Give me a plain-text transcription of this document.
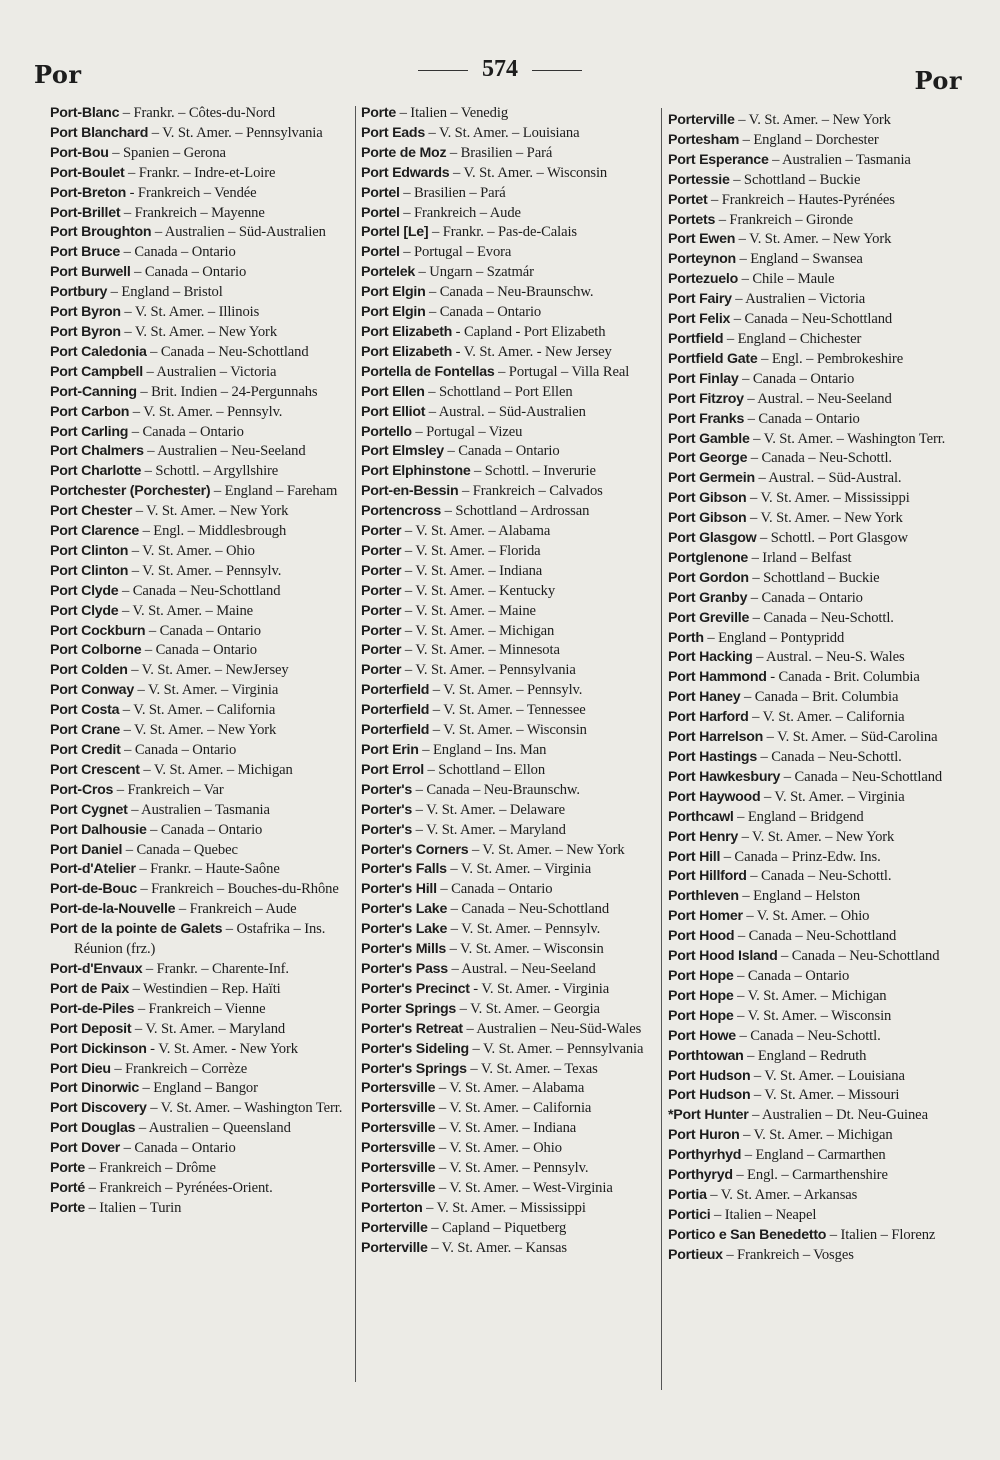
Por	574	Por
Port-Blanc – Frankr. – Côtes-du-Nord
Port Blanchard – V. St. Amer. – Pennsylvania
Port-Bou – Spanien – Gerona
Port-Boulet – Frankr. – Indre-et-Loire
Port-Breton - Frankreich – Vendée
Port-Brillet – Frankreich – Mayenne
Port Broughton – Australien – Süd-Australien
Port Bruce – Canada – Ontario
Port Burwell – Canada – Ontario
Portbury – England – Bristol
Port Byron – V. St. Amer. – Illinois
Port Byron – V. St. Amer. – New York
Port Caledonia – Canada – Neu-Schottland
Port Campbell – Australien – Victoria
Port-Canning – Brit. Indien – 24-Pergunnahs
Port Carbon – V. St. Amer. – Pennsylv.
Port Carling – Canada – Ontario
Port Chalmers – Australien – Neu-Seeland
Port Charlotte – Schottl. – Argyllshire
Portchester (Porchester) – England – Fareham
Port Chester – V. St. Amer. – New York
Port Clarence – Engl. – Middlesbrough
Port Clinton – V. St. Amer. – Ohio
Port Clinton – V. St. Amer. – Pennsylv.
Port Clyde – Canada – Neu-Schottland
Port Clyde – V. St. Amer. – Maine
Port Cockburn – Canada – Ontario
Port Colborne – Canada – Ontario
Port Colden – V. St. Amer. – NewJersey
Port Conway – V. St. Amer. – Virginia
Port Costa – V. St. Amer. – California
Port Crane – V. St. Amer. – New York
Port Credit – Canada – Ontario
Port Crescent – V. St. Amer. – Michigan
Port-Cros – Frankreich – Var
Port Cygnet – Australien – Tasmania
Port Dalhousie – Canada – Ontario
Port Daniel – Canada – Quebec
Port-d'Atelier – Frankr. – Haute-Saône
Port-de-Bouc – Frankreich – Bouches-du-Rhône
Port-de-la-Nouvelle – Frankreich – Aude
Port de la pointe de Galets – Ostafrika – Ins. Réunion (frz.)
Port-d'Envaux – Frankr. – Charente-Inf.
Port de Paix – Westindien – Rep. Haïti
Port-de-Piles – Frankreich – Vienne
Port Deposit – V. St. Amer. – Maryland
Port Dickinson - V. St. Amer. - New York
Port Dieu – Frankreich – Corrèze
Port Dinorwic – England – Bangor
Port Discovery – V. St. Amer. – Washington Terr.
Port Douglas – Australien – Queensland
Port Dover – Canada – Ontario
Porte – Frankreich – Drôme
Porté – Frankreich – Pyrénées-Orient.
Porte – Italien – Turin
Porte – Italien – Venedig
Port Eads – V. St. Amer. – Louisiana
Porte de Moz – Brasilien – Pará
Port Edwards – V. St. Amer. – Wisconsin
Portel – Brasilien – Pará
Portel – Frankreich – Aude
Portel [Le] – Frankr. – Pas-de-Calais
Portel – Portugal – Evora
Portelek – Ungarn – Szatmár
Port Elgin – Canada – Neu-Braunschw.
Port Elgin – Canada – Ontario
Port Elizabeth - Capland - Port Elizabeth
Port Elizabeth - V. St. Amer. - New Jersey
Portella de Fontellas – Portugal – Villa Real
Port Ellen – Schottland – Port Ellen
Port Elliot – Austral. – Süd-Australien
Portello – Portugal – Vizeu
Port Elmsley – Canada – Ontario
Port Elphinstone – Schottl. – Inverurie
Port-en-Bessin – Frankreich – Calvados
Portencross – Schottland – Ardrossan
Porter – V. St. Amer. – Alabama
Porter – V. St. Amer. – Florida
Porter – V. St. Amer. – Indiana
Porter – V. St. Amer. – Kentucky
Porter – V. St. Amer. – Maine
Porter – V. St. Amer. – Michigan
Porter – V. St. Amer. – Minnesota
Porter – V. St. Amer. – Pennsylvania
Porterfield – V. St. Amer. – Pennsylv.
Porterfield – V. St. Amer. – Tennessee
Porterfield – V. St. Amer. – Wisconsin
Port Erin – England – Ins. Man
Port Errol – Schottland – Ellon
Porter's – Canada – Neu-Braunschw.
Porter's – V. St. Amer. – Delaware
Porter's – V. St. Amer. – Maryland
Porter's Corners – V. St. Amer. – New York
Porter's Falls – V. St. Amer. – Virginia
Porter's Hill – Canada – Ontario
Porter's Lake – Canada – Neu-Schottland
Porter's Lake – V. St. Amer. – Pennsylv.
Porter's Mills – V. St. Amer. – Wisconsin
Porter's Pass – Austral. – Neu-Seeland
Porter's Precinct - V. St. Amer. - Virginia
Porter Springs – V. St. Amer. – Georgia
Porter's Retreat – Australien – Neu-Süd-Wales
Porter's Sideling – V. St. Amer. – Pennsylvania
Porter's Springs – V. St. Amer. – Texas
Portersville – V. St. Amer. – Alabama
Portersville – V. St. Amer. – California
Portersville – V. St. Amer. – Indiana
Portersville – V. St. Amer. – Ohio
Portersville – V. St. Amer. – Pennsylv.
Portersville – V. St. Amer. – West-Virginia
Porterton – V. St. Amer. – Mississippi
Porterville – Capland – Piquetberg
Porterville – V. St. Amer. – Kansas
Porterville – V. St. Amer. – New York
Portesham – England – Dorchester
Port Esperance – Australien – Tasmania
Portessie – Schottland – Buckie
Portet – Frankreich – Hautes-Pyrénées
Portets – Frankreich – Gironde
Port Ewen – V. St. Amer. – New York
Porteynon – England – Swansea
Portezuelo – Chile – Maule
Port Fairy – Australien – Victoria
Port Felix – Canada – Neu-Schottland
Portfield – England – Chichester
Portfield Gate – Engl. – Pembrokeshire
Port Finlay – Canada – Ontario
Port Fitzroy – Austral. – Neu-Seeland
Port Franks – Canada – Ontario
Port Gamble – V. St. Amer. – Washington Terr.
Port George – Canada – Neu-Schottl.
Port Germein – Austral. – Süd-Austral.
Port Gibson – V. St. Amer. – Mississippi
Port Gibson – V. St. Amer. – New York
Port Glasgow – Schottl. – Port Glasgow
Portglenone – Irland – Belfast
Port Gordon – Schottland – Buckie
Port Granby – Canada – Ontario
Port Greville – Canada – Neu-Schottl.
Porth – England – Pontypridd
Port Hacking – Austral. – Neu-S. Wales
Port Hammond - Canada - Brit. Columbia
Port Haney – Canada – Brit. Columbia
Port Harford – V. St. Amer. – California
Port Harrelson – V. St. Amer. – Süd-Carolina
Port Hastings – Canada – Neu-Schottl.
Port Hawkesbury – Canada – Neu-Schottland
Port Haywood – V. St. Amer. – Virginia
Porthcawl – England – Bridgend
Port Henry – V. St. Amer. – New York
Port Hill – Canada – Prinz-Edw. Ins.
Port Hillford – Canada – Neu-Schottl.
Porthleven – England – Helston
Port Homer – V. St. Amer. – Ohio
Port Hood – Canada – Neu-Schottland
Port Hood Island – Canada – Neu-Schottland
Port Hope – Canada – Ontario
Port Hope – V. St. Amer. – Michigan
Port Hope – V. St. Amer. – Wisconsin
Port Howe – Canada – Neu-Schottl.
Porthtowan – England – Redruth
Port Hudson – V. St. Amer. – Louisiana
Port Hudson – V. St. Amer. – Missouri
*Port Hunter – Australien – Dt. Neu-Guinea
Port Huron – V. St. Amer. – Michigan
Porthyrhyd – England – Carmarthen
Porthyryd – Engl. – Carmarthenshire
Portia – V. St. Amer. – Arkansas
Portici – Italien – Neapel
Portico e San Benedetto – Italien – Florenz
Portieux – Frankreich – Vosges
